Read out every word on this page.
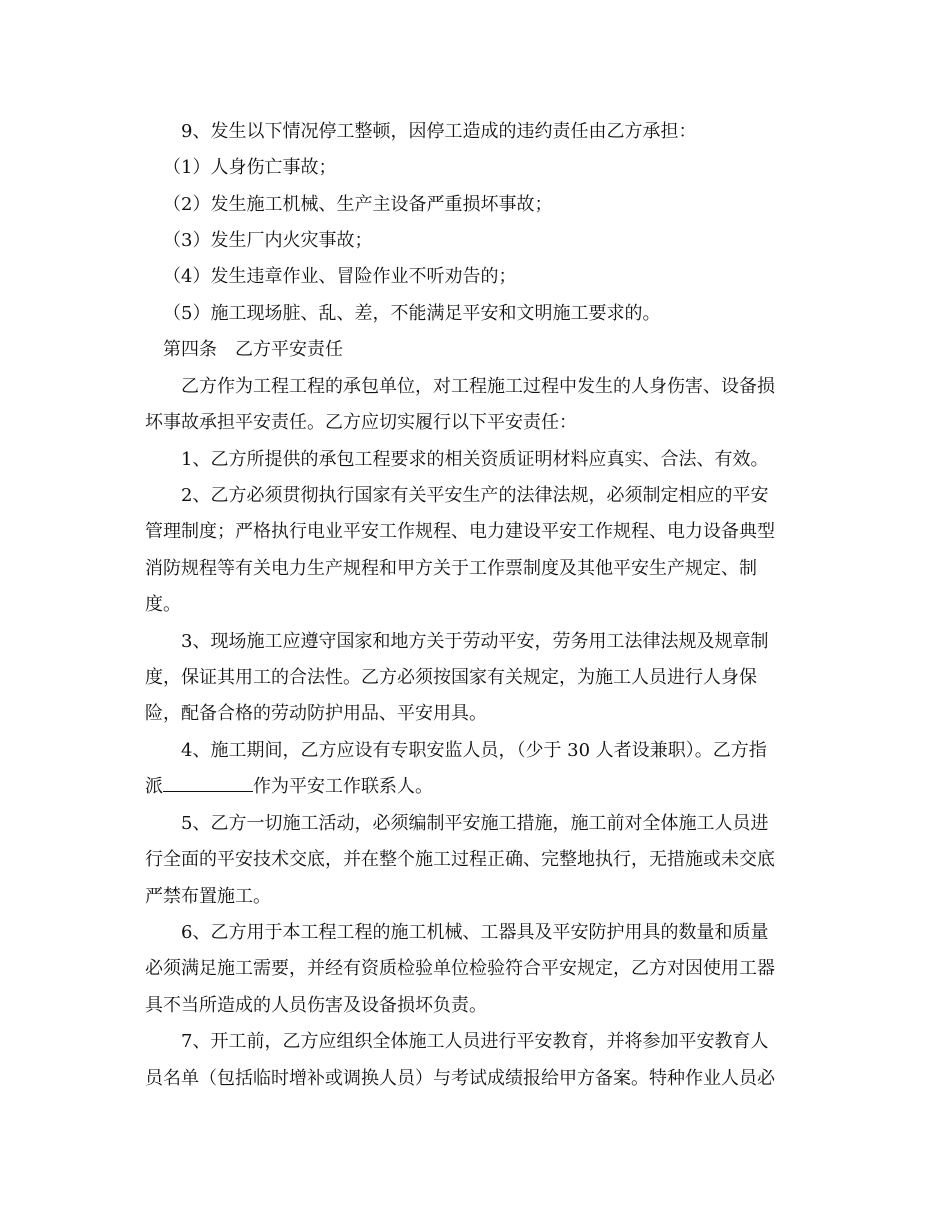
9、发生以下情况停工整顿，因停工造成的违约责任由乙方承担：
（1）人身伤亡事故；
（2）发生施工机械、生产主设备严重损坏事故；
（3）发生厂内火灾事故；
（4）发生违章作业、冒险作业不听劝告的；
（5）施工现场脏、乱、差，不能满足平安和文明施工要求的。
第四条　乙方平安责任
乙方作为工程工程的承包单位，对工程施工过程中发生的人身伤害、设备损
坏事故承担平安责任。乙方应切实履行以下平安责任：
1、乙方所提供的承包工程要求的相关资质证明材料应真实、合法、有效。
2、乙方必须贯彻执行国家有关平安生产的法律法规，必须制定相应的平安
管理制度；严格执行电业平安工作规程、电力建设平安工作规程、电力设备典型
消防规程等有关电力生产规程和甲方关于工作票制度及其他平安生产规定、制
度。
3、现场施工应遵守国家和地方关于劳动平安，劳务用工法律法规及规章制
度，保证其用工的合法性。乙方必须按国家有关规定，为施工人员进行人身保
险，配备合格的劳动防护用品、平安用具。
4、施工期间，乙方应设有专职安监人员，（少于 30 人者设兼职）。乙方指
派	作为平安工作联系人。
5、乙方一切施工活动，必须编制平安施工措施，施工前对全体施工人员进
行全面的平安技术交底，并在整个施工过程正确、完整地执行，无措施或未交底
严禁布置施工。
6、乙方用于本工程工程的施工机械、工器具及平安防护用具的数量和质量
必须满足施工需要，并经有资质检验单位检验符合平安规定，乙方对因使用工器
具不当所造成的人员伤害及设备损坏负责。
7、开工前，乙方应组织全体施工人员进行平安教育，并将参加平安教育人
员名单（包括临时增补或调换人员）与考试成绩报给甲方备案。特种作业人员必
